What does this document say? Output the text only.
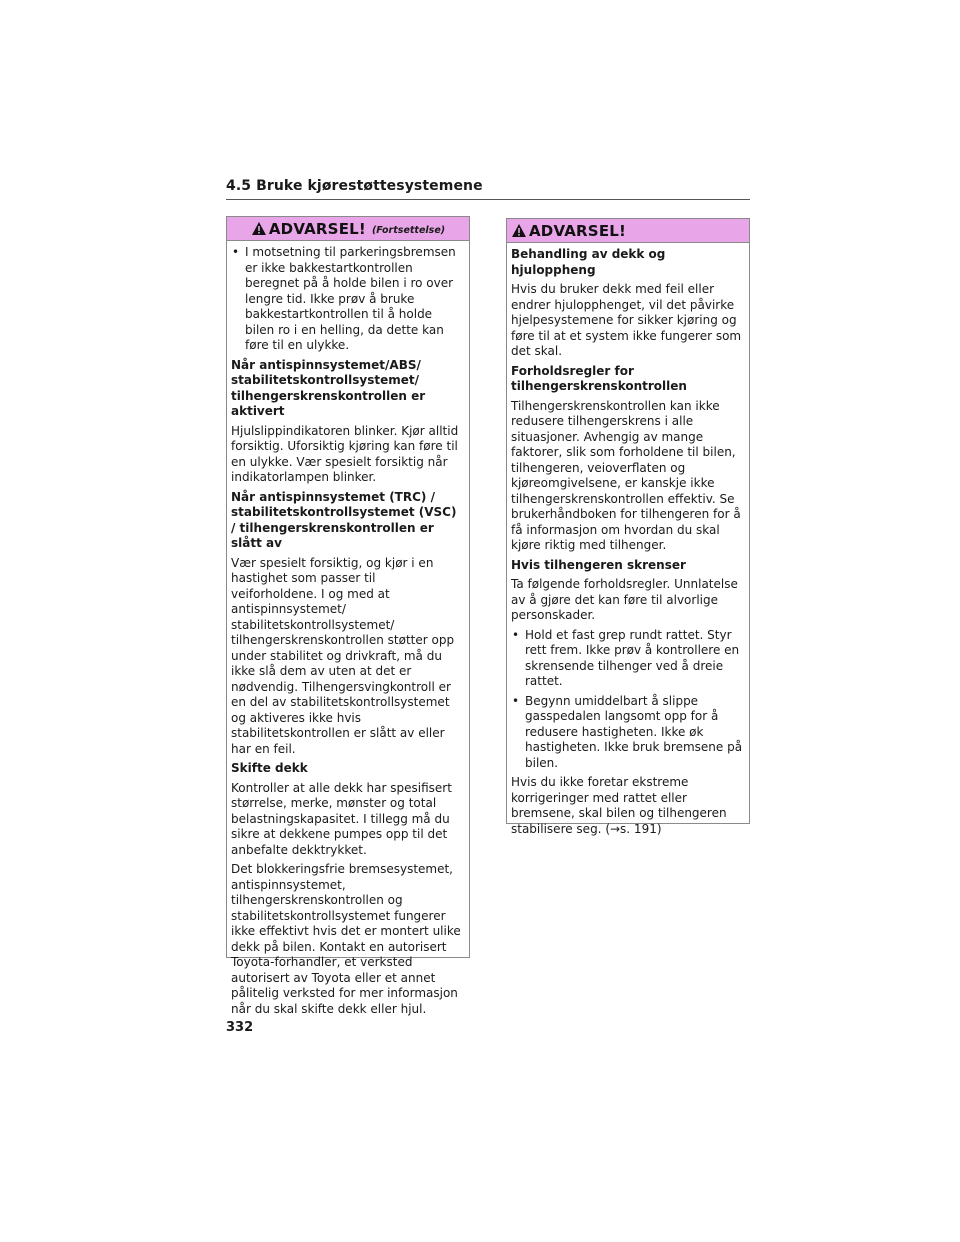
4.5 Bruke kjørestøttesystemene
ADVARSEL! (Fortsettelse)
• I motsetning til parkeringsbremsen er ikke bakkestartkontrollen beregnet på å holde bilen i ro over lengre tid. Ikke prøv å bruke bakkestartkontrollen til å holde bilen ro i en helling, da dette kan føre til en ulykke.
Når antispinnsystemet/ABS/ stabilitetskontrollsystemet/ tilhengerskrenskontrollen er aktivert

Hjulslippindikatoren blinker. Kjør alltid forsiktig. Uforsiktig kjøring kan føre til en ulykke. Vær spesielt forsiktig når indikatorlampen blinker.

Når antispinnsystemet (TRC) / stabilitetskontrollsystemet (VSC) / tilhengerskrenskontrollen er slått av

Vær spesielt forsiktig, og kjør i en hastighet som passer til veiforholdene. I og med at antispinnsystemet/ stabilitetskontrollsystemet/ tilhengerskrenskontrollen støtter opp under stabilitet og drivkraft, må du ikke slå dem av uten at det er nødvendig. Tilhengersvingkontroll er en del av stabilitetskontrollsystemet og aktiveres ikke hvis stabilitetskontrollen er slått av eller har en feil.

Skifte dekk

Kontroller at alle dekk har spesifisert størrelse, merke, mønster og total belastningskapasitet. I tillegg må du sikre at dekkene pumpes opp til det anbefalte dekktrykket.

Det blokkeringsfrie bremsesystemet, antispinnsystemet, tilhengerskrenskontrollen og stabilitetskontrollsystemet fungerer ikke effektivt hvis det er montert ulike dekk på bilen. Kontakt en autorisert Toyota-forhandler, et verksted autorisert av Toyota eller et annet pålitelig verksted for mer informasjon når du skal skifte dekk eller hjul.

ADVARSEL!
Behandling av dekk og hjuloppheng

Hvis du bruker dekk med feil eller endrer hjulopphenget, vil det påvirke hjelpesystemene for sikker kjøring og føre til at et system ikke fungerer som det skal.

Forholdsregler for tilhengerskrenskontrollen

Tilhengerskrenskontrollen kan ikke redusere tilhengerskrens i alle situasjoner. Avhengig av mange faktorer, slik som forholdene til bilen, tilhengeren, veioverflaten og kjøreomgivelsene, er kanskje ikke tilhengerskrenskontrollen effektiv. Se brukerhåndboken for tilhengeren for å få informasjon om hvordan du skal kjøre riktig med tilhenger.

Hvis tilhengeren skrenser

Ta følgende forholdsregler. Unnlatelse av å gjøre det kan føre til alvorlige personskader.

• Hold et fast grep rundt rattet. Styr rett frem. Ikke prøv å kontrollere en skrensende tilhenger ved å dreie rattet.
• Begynn umiddelbart å slippe gasspedalen langsomt opp for å redusere hastigheten. Ikke øk hastigheten. Ikke bruk bremsene på bilen.

Hvis du ikke foretar ekstreme korrigeringer med rattet eller bremsene, skal bilen og tilhengeren stabilisere seg. (→s. 191)

332
